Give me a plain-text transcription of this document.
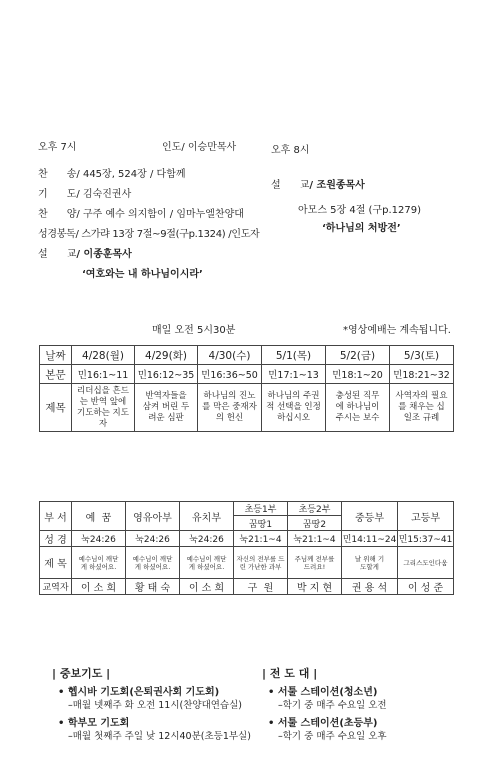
오후 7시	인도/ 이승만목사
찬      송/ 445장, 524장 / 다함께
기      도/ 김숙진권사
찬      양/ 구주 예수 의지함이 / 임마누엘찬양대
성경봉독/ 스가랴 13장 7절~9절(구p.1324) /인도자
설      교/ 이종훈목사
‘여호와는 내 하나님이시라’
오후 8시
설      교/ 조원종목사
아모스 5장 4절 (구p.1279)
‘하나님의 처방전’
매일 오전 5시30분	*영상예배는 계속됩니다.
날짜	4/28(월)	4/29(화)	4/30(수)	5/1(목)	5/2(금)	5/3(토)
본문	민16:1~11	민16:12~35	민16:36~50	민17:1~13	민18:1~20	민18:21~32
제목	리더십을 흔드는 반역 앞에 기도하는 지도자	반역자들을 삼켜 버린 두려운 심판	하나님의 진노를 막은 중재자의 헌신	하나님의 주권적 선택을 인정하십시오	충성된 직무에 하나님이 주시는 보수	사역자의 필요를 채우는 십일조 규례
부 서	예  꿈	영유아부	유치부	초등1부	초등2부	중등부	고등부
				꿈땅1	꿈땅2		
성 경	눅24:26	눅24:26	눅24:26	눅21:1~4	눅21:1~4	민14:11~24	민15:37~41
제 목	예수님이 깨닫게 하셨어요.	예수님이 깨닫게 하셨어요.	예수님이 깨닫게 하셨어요.	자신의 전부를 드린 가난한 과부	주님께 전부를 드려요!	날 위해 기도할게	그리스도인다움
교역자	이 소 희	황 태 숙	이 소 희	구  원	박 지 현	권 용 석	이 성 준
| 중보기도 |
• 헵시바 기도회(은퇴권사회 기도회)
–매월 넷째주 화 오전 11시(찬양대연습실)
• 학부모 기도회
–매월 첫째주 주일 낮 12시40분(초등1부실)
| 전 도 대 |
• 서툴 스테이션(청소년)
–학기 중 매주 수요일 오전
• 서툴 스테이션(초등부)
–학기 중 매주 수요일 오후
